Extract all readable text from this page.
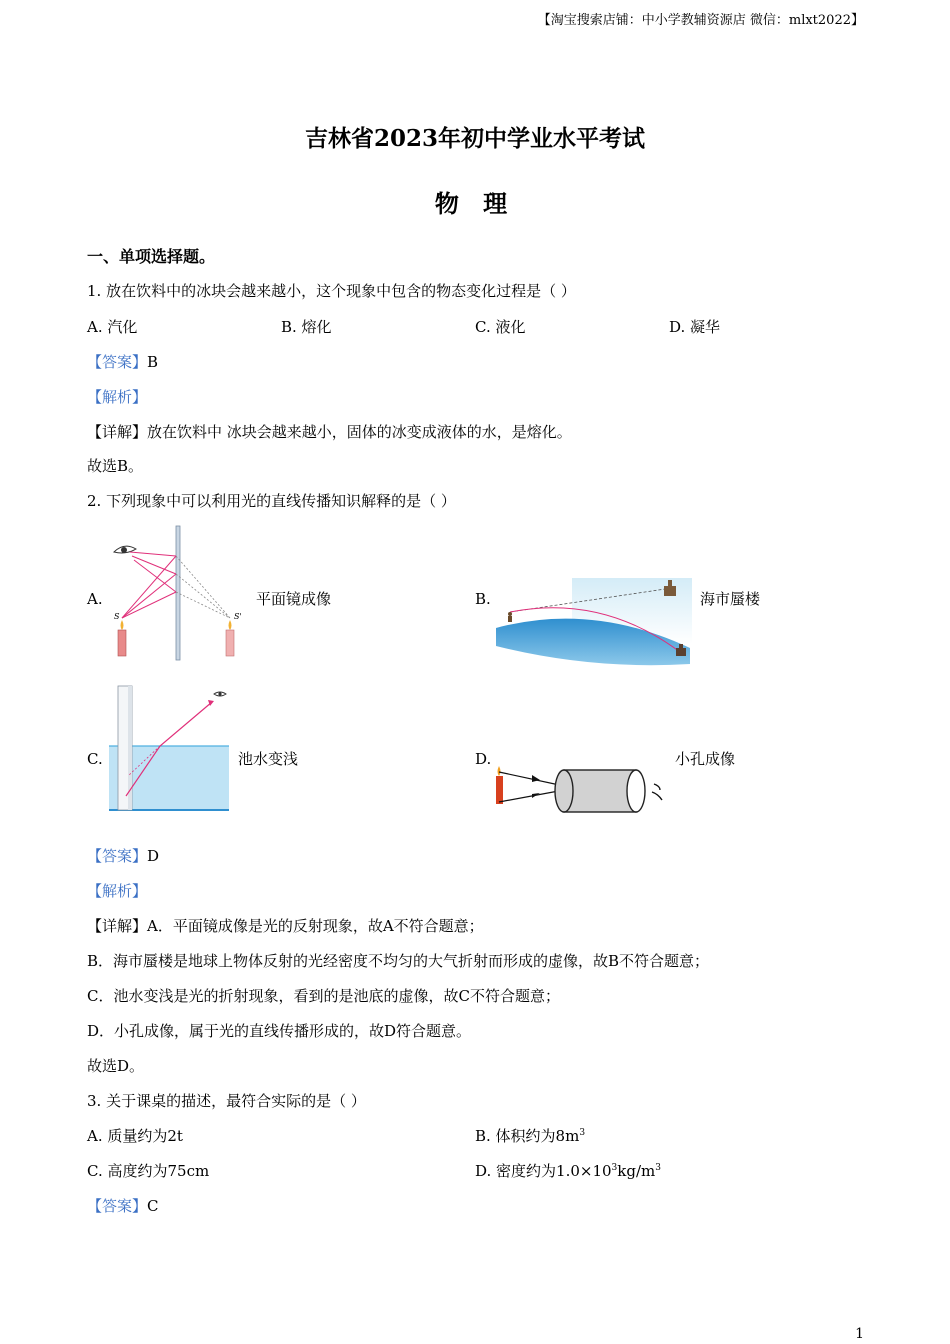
【淘宝搜索店铺：中小学教辅资源店 微信：mlxt2022】
吉林省2023年初中学业水平考试
物 理
一、单项选择题。
1. 放在饮料中的冰块会越来越小，这个现象中包含的物态变化过程是（ ）
A. 汽化	B. 熔化	C. 液化	D. 凝华
【答案】B
【解析】
【详解】放在饮料中 冰块会越来越小，固体的冰变成液体的水，是熔化。
故选B。
2. 下列现象中可以利用光的直线传播知识解释的是（ ）
A.
S	S'
平面镜成像	B.	海市蜃楼
C.	池水变浅	D.	小孔成像
【答案】D
【解析】
【详解】A．平面镜成像是光的反射现象，故A不符合题意；
B．海市蜃楼是地球上物体反射的光经密度不均匀的大气折射而形成的虚像，故B不符合题意；
C．池水变浅是光的折射现象，看到的是池底的虚像，故C不符合题意；
D．小孔成像，属于光的直线传播形成的，故D符合题意。
故选D。
3. 关于课桌的描述，最符合实际的是（ ）
A. 质量约为2t	B. 体积约为$8m^3$
C. 高度约为75cm	D. 密度约为$1.0\times 10^3kg/m^3$
【答案】C
1
